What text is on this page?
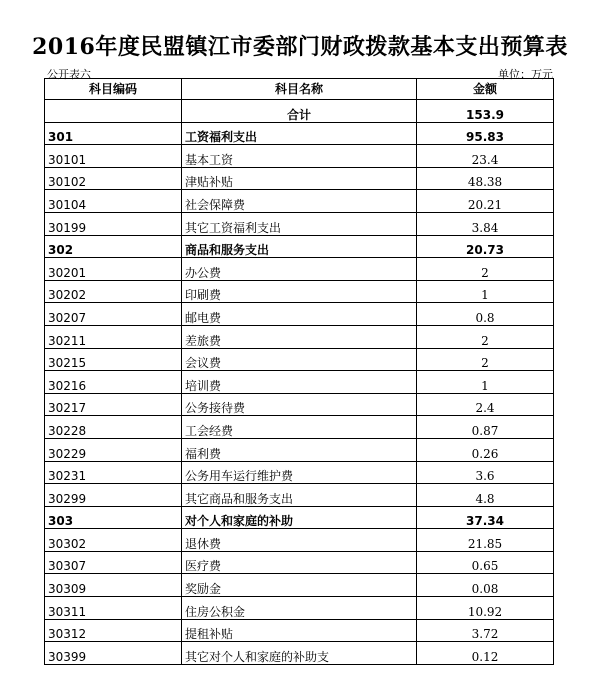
2016年度民盟镇江市委部门财政拨款基本支出预算表
公开表六	单位：万元
科目编码	科目名称	金额
	合计	153.9
301	工资福利支出	95.83
30101	基本工资	23.4
30102	津贴补贴	48.38
30104	社会保障费	20.21
30199	其它工资福利支出	3.84
302	商品和服务支出	20.73
30201	办公费	2
30202	印刷费	1
30207	邮电费	0.8
30211	差旅费	2
30215	会议费	2
30216	培训费	1
30217	公务接待费	2.4
30228	工会经费	0.87
30229	福利费	0.26
30231	公务用车运行维护费	3.6
30299	其它商品和服务支出	4.8
303	对个人和家庭的补助	37.34
30302	退休费	21.85
30307	医疗费	0.65
30309	奖励金	0.08
30311	住房公积金	10.92
30312	提租补贴	3.72
30399	其它对个人和家庭的补助支	0.12
